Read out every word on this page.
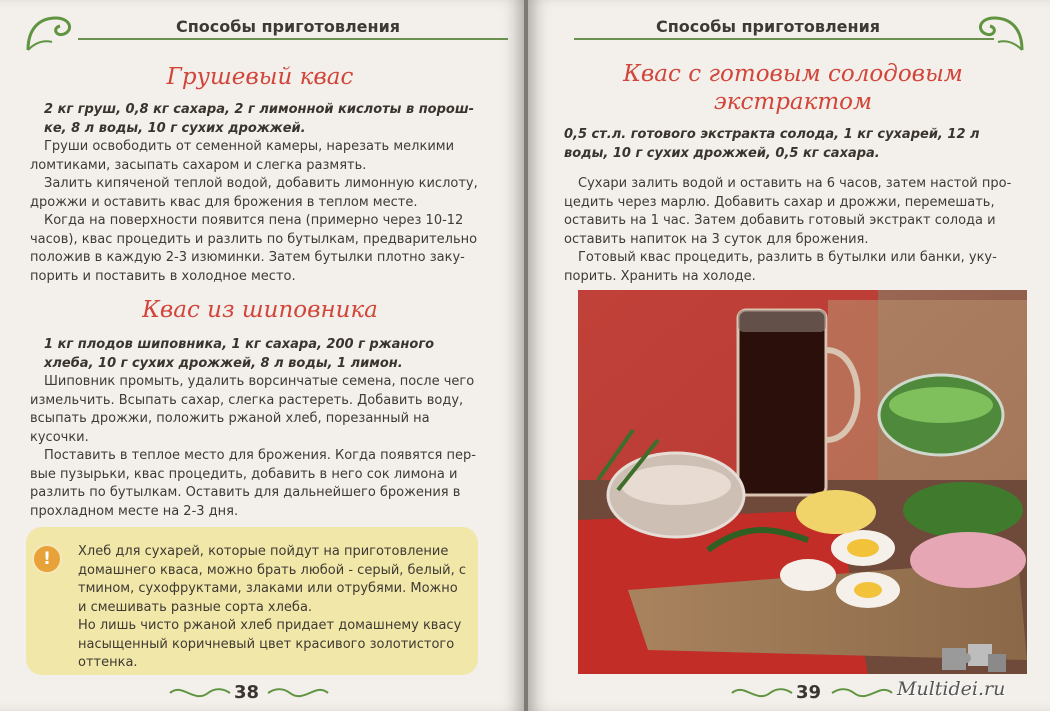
Способы приготовления
Грушевый квас
2 кг груш, 0,8 кг сахара, 2 г лимонной кислоты в порош-ке, 8 л воды, 10 г сухих дрожжей.

Груши освободить от семенной камеры, нарезать мелкими ломтиками, засыпать сахаром и слегка размять.

Залить кипяченой теплой водой, добавить лимонную кислоту, дрожжи и оставить квас для брожения в теплом месте.

Когда на поверхности появится пена (примерно через 10-12 часов), квас процедить и разлить по бутылкам, предварительно положив в каждую 2-3 изюминки. Затем бутылки плотно заку-порить и поставить в холодное место.

Квас из шиповника
1 кг плодов шиповника, 1 кг сахара, 200 г ржаного хлеба, 10 г сухих дрожжей, 8 л воды, 1 лимон.

Шиповник промыть, удалить ворсинчатые семена, после чего измельчить. Всыпать сахар, слегка растереть. Добавить воду, всыпать дрожжи, положить ржаной хлеб, порезанный на кусочки.

Поставить в теплое место для брожения. Когда появятся пер-вые пузырьки, квас процедить, добавить в него сок лимона и разлить по бутылкам. Оставить для дальнейшего брожения в прохладном месте на 2-3 дня.

!	Хлеб для сухарей, которые пойдут на приготовление домашнего кваса, можно брать любой - серый, белый, с тмином, сухофруктами, злаками или отрубями. Можно и смешивать разные сорта хлеба.

Но лишь чисто ржаной хлеб придает домашнему квасу насыщенный коричневый цвет красивого золотистого оттенка.

38
Способы приготовления
Квас с готовым солодовым экстрактом
0,5 ст.л. готового экстракта солода, 1 кг сухарей, 12 л воды, 10 г сухих дрожжей, 0,5 кг сахара.

Сухари залить водой и оставить на 6 часов, затем настой про-цедить через марлю. Добавить сахар и дрожжи, перемешать, оставить на 1 час. Затем добавить готовый экстракт солода и оставить напиток на 3 суток для брожения.

Готовый квас процедить, разлить в бутылки или банки, уку-порить. Хранить на холоде.

39	Multidei.ru
